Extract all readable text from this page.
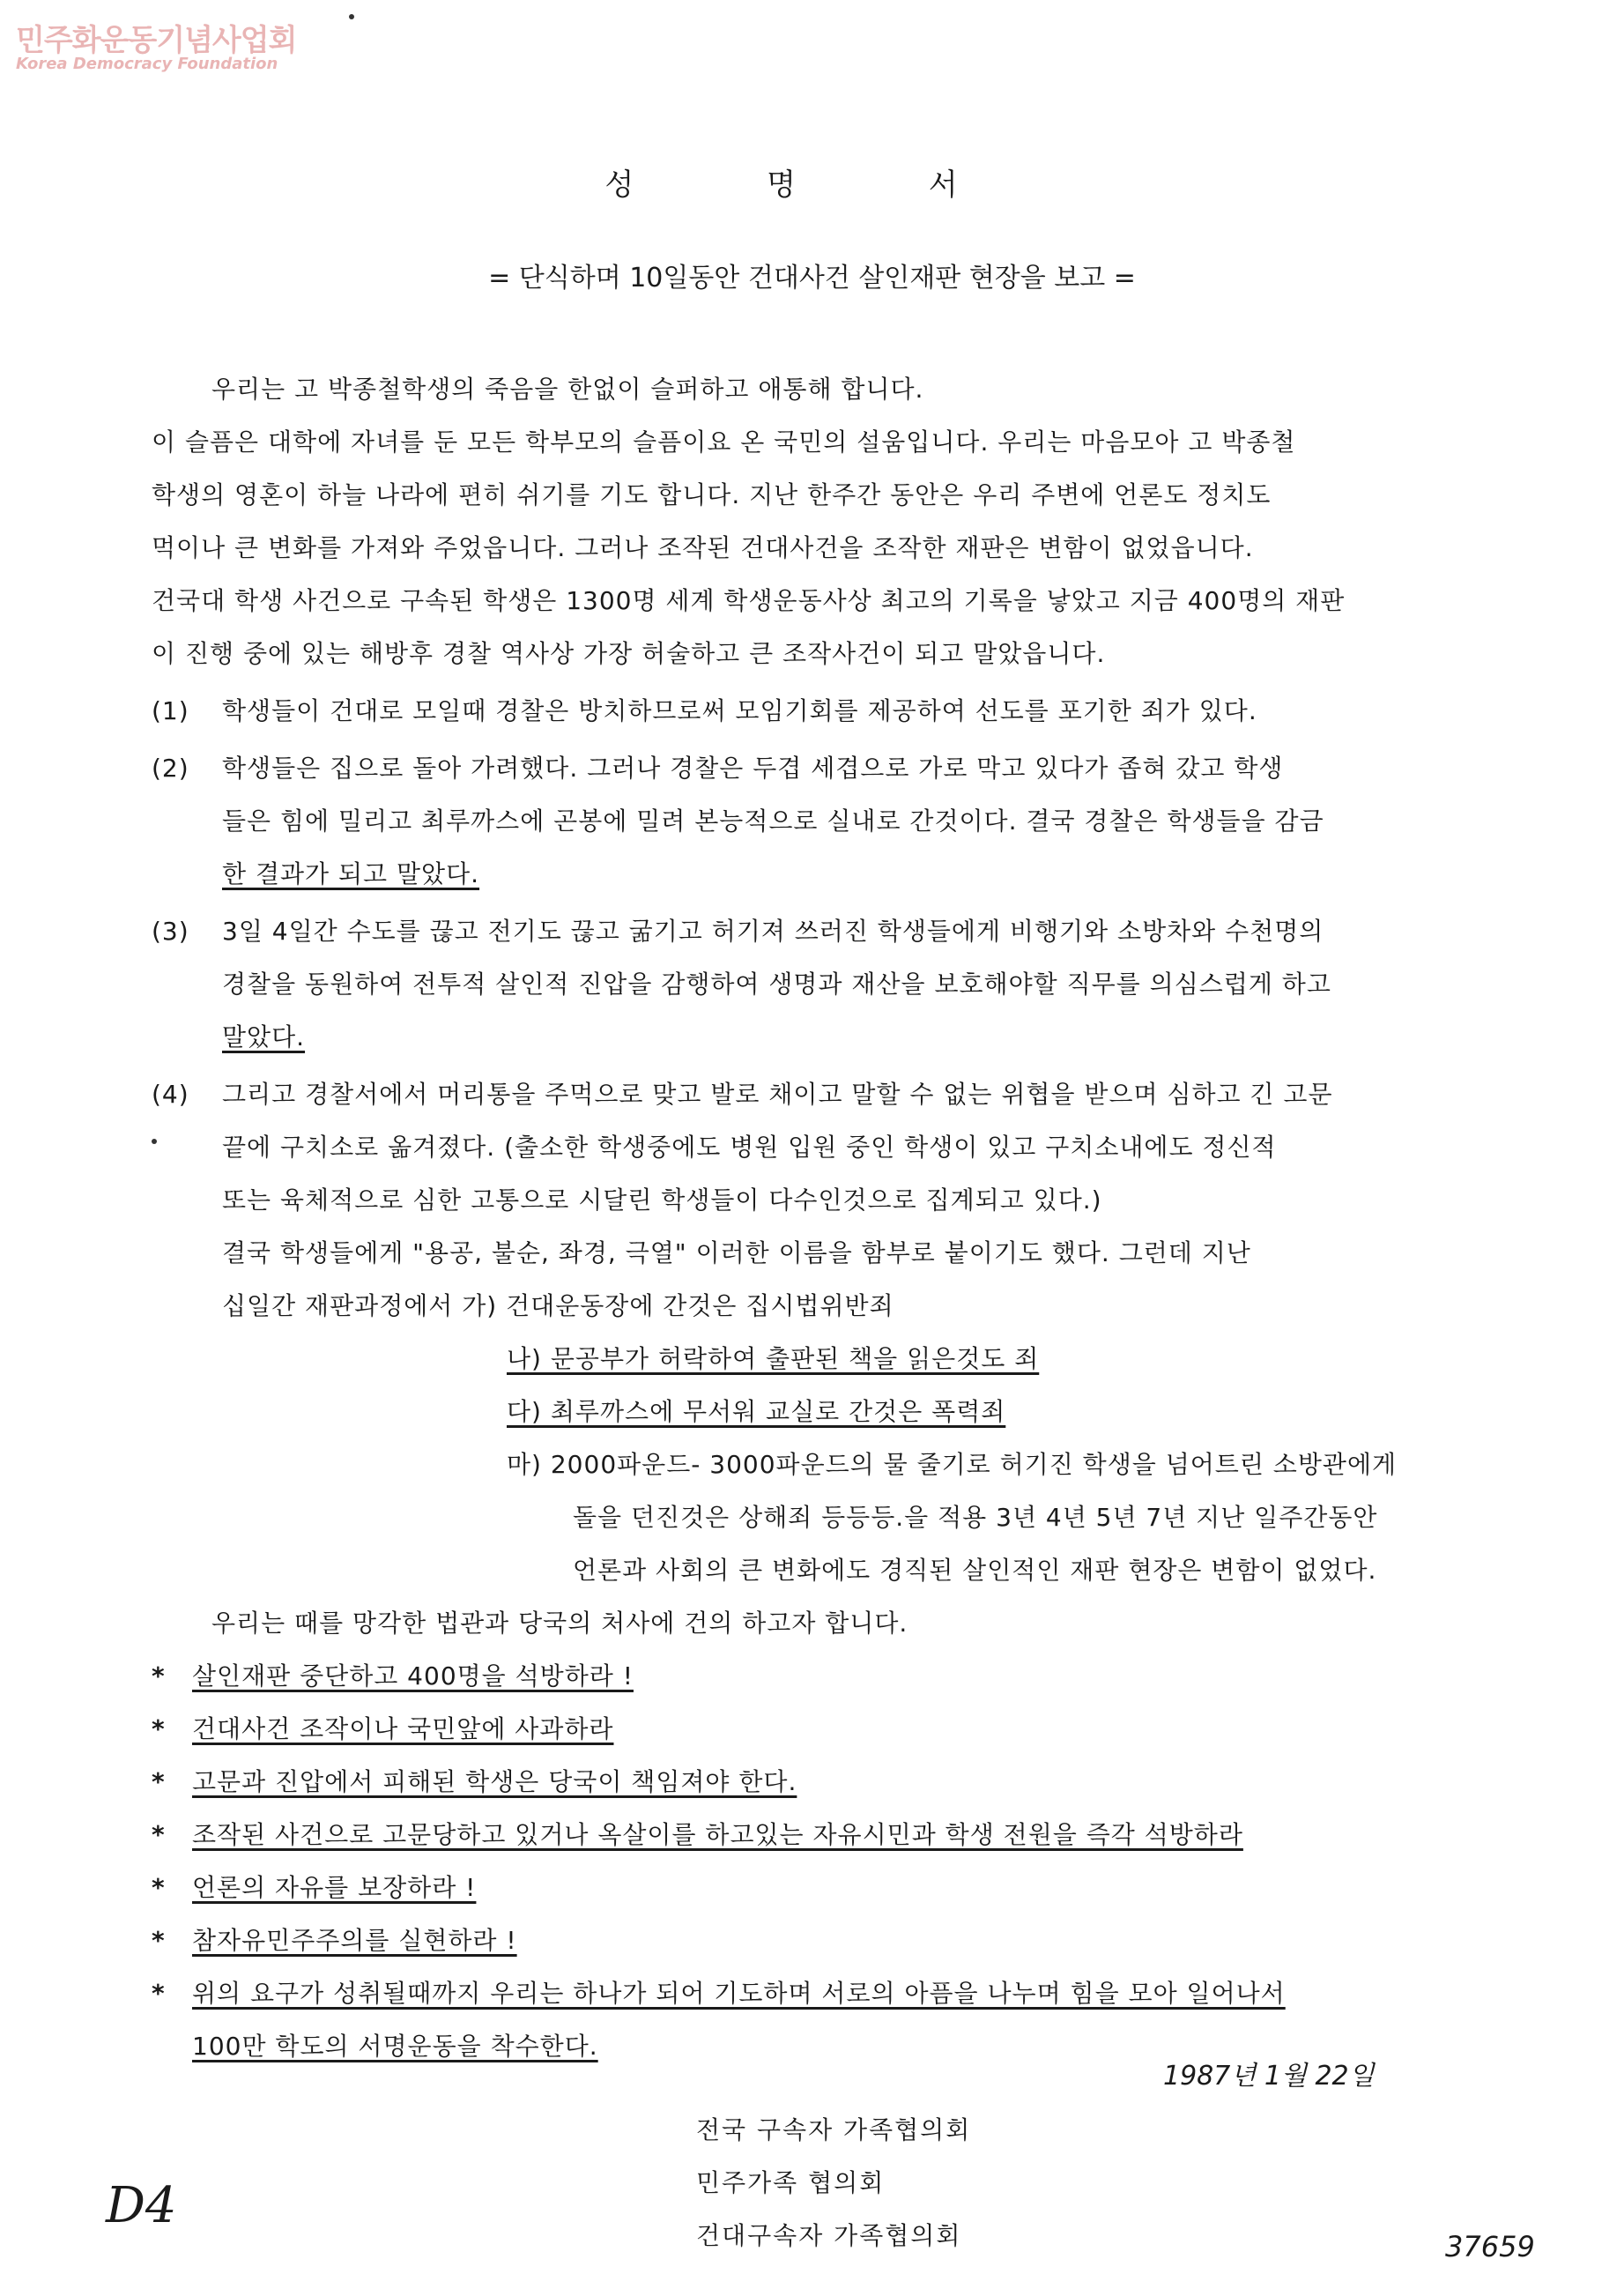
민주화운동기념사업회
Korea Democracy Foundation
성 명 서
= 단식하며 10일동안 건대사건 살인재판 현장을 보고 =
우리는 고 박종철학생의 죽음을 한없이 슬퍼하고 애통해 합니다.
이 슬픔은 대학에 자녀를 둔 모든 학부모의 슬픔이요 온 국민의 설움입니다. 우리는 마음모아 고 박종철
학생의 영혼이 하늘 나라에 편히 쉬기를 기도 합니다. 지난 한주간 동안은 우리 주변에 언론도 정치도
먹이나 큰 변화를 가져와 주었읍니다. 그러나 조작된 건대사건을 조작한 재판은 변함이 없었읍니다.
건국대 학생 사건으로 구속된 학생은 1300명 세계 학생운동사상 최고의 기록을 낳았고 지금 400명의 재판
이 진행 중에 있는 해방후 경찰 역사상 가장 허술하고 큰 조작사건이 되고 말았읍니다.
(1) 학생들이 건대로 모일때 경찰은 방치하므로써 모임기회를 제공하여 선도를 포기한 죄가 있다.
(2) 학생들은 집으로 돌아 가려했다. 그러나 경찰은 두겹 세겹으로 가로 막고 있다가 좁혀 갔고 학생
들은 힘에 밀리고 최루까스에 곤봉에 밀려 본능적으로 실내로 간것이다. 결국 경찰은 학생들을 감금
한 결과가 되고 말았다.
(3) 3일 4일간 수도를 끊고 전기도 끊고 굶기고 허기져 쓰러진 학생들에게 비행기와 소방차와 수천명의
경찰을 동원하여 전투적 살인적 진압을 감행하여 생명과 재산을 보호해야할 직무를 의심스럽게 하고
말았다.
(4) 그리고 경찰서에서 머리통을 주먹으로 맞고 발로 채이고 말할 수 없는 위협을 받으며 심하고 긴 고문
끝에 구치소로 옮겨졌다. (출소한 학생중에도 병원 입원 중인 학생이 있고 구치소내에도 정신적
또는 육체적으로 심한 고통으로 시달린 학생들이 다수인것으로 집계되고 있다.)
결국 학생들에게 "용공, 불순, 좌경, 극열" 이러한 이름을 함부로 붙이기도 했다. 그런데 지난
십일간 재판과정에서 가) 건대운동장에 간것은 집시법위반죄
나) 문공부가 허락하여 출판된 책을 읽은것도 죄
다) 최루까스에 무서워 교실로 간것은 폭력죄
마) 2000파운드- 3000파운드의 물 줄기로 허기진 학생을 넘어트린 소방관에게
돌을 던진것은 상해죄 등등등.을 적용 3년 4년 5년 7년 지난 일주간동안
언론과 사회의 큰 변화에도 경직된 살인적인 재판 현장은 변함이 없었다.
우리는 때를 망각한 법관과 당국의 처사에 건의 하고자 합니다.
* 살인재판 중단하고 400명을 석방하라 !
* 건대사건 조작이나 국민앞에 사과하라
* 고문과 진압에서 피해된 학생은 당국이 책임져야 한다.
* 조작된 사건으로 고문당하고 있거나 옥살이를 하고있는 자유시민과 학생 전원을 즉각 석방하라
* 언론의 자유를 보장하라 !
* 참자유민주주의를 실현하라 !
* 위의 요구가 성취될때까지 우리는 하나가 되어 기도하며 서로의 아픔을 나누며 힘을 모아 일어나서
100만 학도의 서명운동을 착수한다.
1987년 1월 22일
전국 구속자 가족협의회
민주가족 협의회
건대구속자 가족협의회
D4
37659
